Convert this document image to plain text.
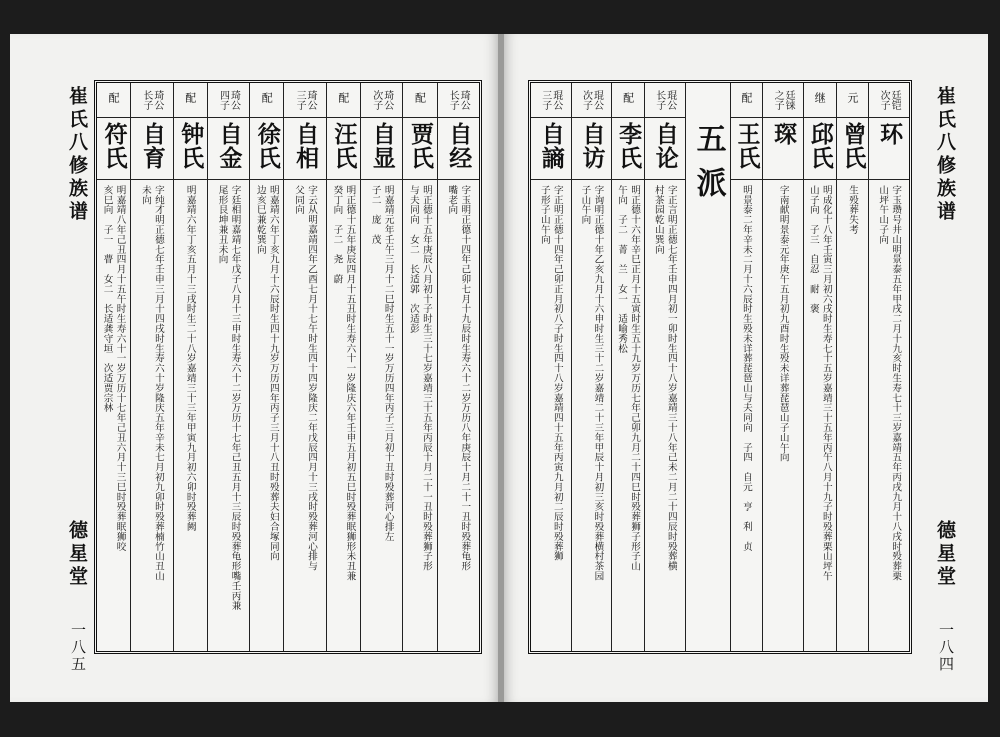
崔氏八修族谱	琦公
长子
自经
字玉明正德十四年己卯七月十九辰时生寿六十二岁万历八年庚辰十月二十一丑时殁葬龟形
嘴老向
配
贾氏
明正德十五年庚辰八月初十子时生三十七岁嘉靖三十五年丙辰十月二十一丑时殁葬狮子形
与夫同向　女二　长适郭　次适彭
琦公
次子
自显
明嘉靖元年壬午三月十二巳时生五十一岁万历四年丙子三月初十丑时殁葬河心排左
子二　庞　茂
配
汪氏
明正德十五年庚辰四月十五丑时生寿六十一岁隆庆六年壬申五月初五巳时殁葬眠狮形未丑兼
癸丁向　子二　尧　蔚
琦公
三子
自相
字云从明嘉靖四年乙酉七月十七午时生四十四岁隆庆二年戊辰四月十三戌时殁葬河心排与
父同向
配
徐氏
明嘉靖六年丁亥九月十六辰时生四十九岁万历四年丙子三月十八丑时殁葬夫妇合塚同向
边亥巳兼乾巽向
琦公
四子
自金
字廷相明嘉靖七年戊子八月十三申时生寿六十二岁万历十七年己丑五月十三辰时殁葬龟形嘴壬丙兼
尾形艮坤兼丑未向
配
钟氏
明嘉靖六年丁亥五月十三戌时生二十八岁嘉靖三十三年甲寅九月初六卯时殁葬阙
琦公
长子
自育
字纯才明正德七年壬申三月十四戌时生寿六十岁隆庆五年辛未七月初九卯时殁葬楠竹山丑山
未向
配
符氏
明嘉靖八年己丑四月十五午时生寿六十一岁万历十七年己丑六月十三巳时殁葬眠狮咬
亥巳向　子一　瞢　女二　长适龚守垣　次适贾宗林
德星堂
一八五
廷铠
次子
环
字玉瓒号井山明景泰五年甲戌二月十九亥时生寿七十三岁嘉靖五年丙戌九月十八戌时殁葬栗
山坪午山子向
元
曾氏
生殁葬失考
继
邱氏
明成化十八年壬寅三月初六戌时生寿七十五岁嘉靖三十五年丙午八月十九子时殁葬栗山坪午
山子向　子三　自忍　耐　褒
廷铼
之子
琛
字南献明景泰元年庚午五月初九酉时生殁未详葬琵琶山子山午向
配
王氏
明景泰二年辛未二月十六辰时生殁未详葬琵琶山与夫同向　子四　自元　亨　利　贞
五派
琨公
长子
自论
字正言明正德七年壬申四月初一卯时生四十八岁嘉靖三十八年己未二月二十四辰时殁葬横
村茶园乾山巽向
配
李氏
明正德十六年辛巳正月十五寅时生五十九岁万历七年己卯九月二十四巳时殁葬狮子形子山
午向　子二　菁　兰　女一　适喻秀松
琨公
次子
自访
字询明正德十年乙亥九月十六申时生三十二岁嘉靖二十三年甲辰十月初三亥时殁葬横村茶园
子山午向
琨公
三子
自謪
字正明正德十四年己卯正月初八子时生四十八岁嘉靖四十五年丙寅九月初二辰时殁葬狮
子形子山午向	崔氏八修族谱
德星堂
一八四
